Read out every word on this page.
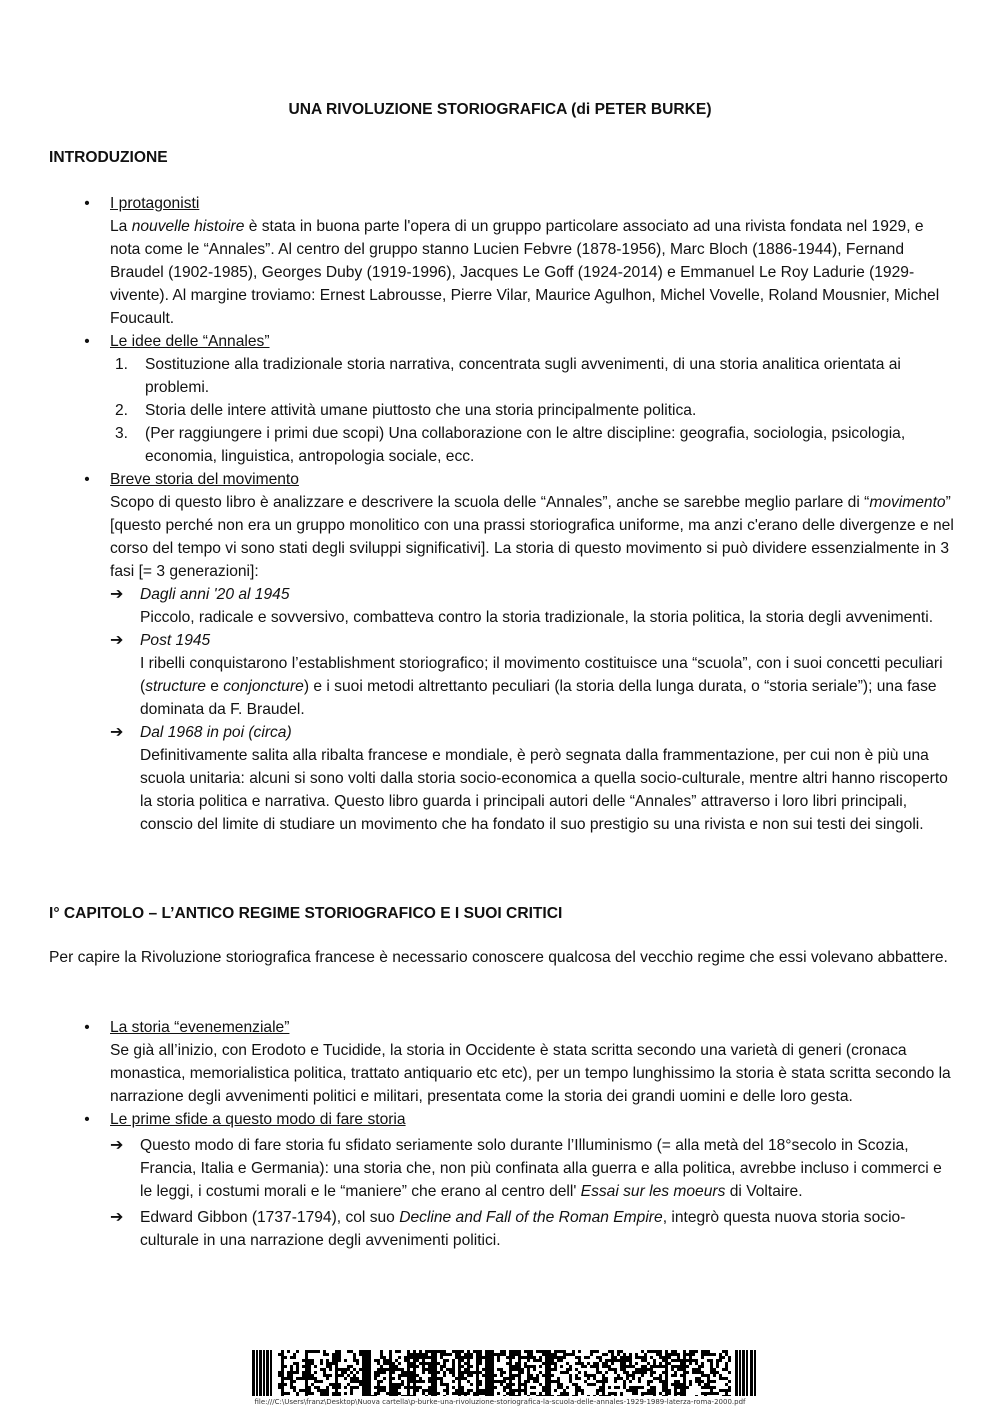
UNA RIVOLUZIONE STORIOGRAFICA (di PETER BURKE)
INTRODUZIONE
• I protagonisti

La nouvelle histoire è stata in buona parte l'opera di un gruppo particolare associato ad una rivista fondata nel 1929, e nota come le “Annales”. Al centro del gruppo stanno Lucien Febvre (1878-1956), Marc Bloch (1886-1944), Fernand Braudel (1902-1985), Georges Duby (1919-1996), Jacques Le Goff (1924-2014) e Emmanuel Le Roy Ladurie (1929-vivente). Al margine troviamo: Ernest Labrousse, Pierre Vilar, Maurice Agulhon, Michel Vovelle, Roland Mousnier, Michel Foucault.

• Le idee delle “Annales”

1. Sostituzione alla tradizionale storia narrativa, concentrata sugli avvenimenti, di una storia analitica orientata ai problemi.
2. Storia delle intere attività umane piuttosto che una storia principalmente politica.
3. (Per raggiungere i primi due scopi) Una collaborazione con le altre discipline: geografia, sociologia, psicologia, economia, linguistica, antropologia sociale, ecc.
• Breve storia del movimento

Scopo di questo libro è analizzare e descrivere la scuola delle “Annales”, anche se sarebbe meglio parlare di “movimento” [questo perché non era un gruppo monolitico con una prassi storiografica uniforme, ma anzi c'erano delle divergenze e nel corso del tempo vi sono stati degli sviluppi significativi]. La storia di questo movimento si può dividere essenzialmente in 3 fasi [= 3 generazioni]:

➔ Dagli anni '20 al 1945

Piccolo, radicale e sovversivo, combatteva contro la storia tradizionale, la storia politica, la storia degli avvenimenti.

➔ Post 1945

I ribelli conquistarono l’establishment storiografico; il movimento costituisce una “scuola”, con i suoi concetti peculiari (structure e conjoncture) e i suoi metodi altrettanto peculiari (la storia della lunga durata, o “storia seriale”); una fase dominata da F. Braudel.

➔ Dal 1968 in poi (circa)

Definitivamente salita alla ribalta francese e mondiale, è però segnata dalla frammentazione, per cui non è più una scuola unitaria: alcuni si sono volti dalla storia socio-economica a quella socio-culturale, mentre altri hanno riscoperto la storia politica e narrativa. Questo libro guarda i principali autori delle “Annales” attraverso i loro libri principali, conscio del limite di studiare un movimento che ha fondato il suo prestigio su una rivista e non sui testi dei singoli.

I° CAPITOLO – L’ANTICO REGIME STORIOGRAFICO E I SUOI CRITICI
Per capire la Rivoluzione storiografica francese è necessario conoscere qualcosa del vecchio regime che essi volevano abbattere.
• La storia “evenemenziale”

Se già all’inizio, con Erodoto e Tucidide, la storia in Occidente è stata scritta secondo una varietà di generi (cronaca monastica, memorialistica politica, trattato antiquario etc etc), per un tempo lunghissimo la storia è stata scritta secondo la narrazione degli avvenimenti politici e militari, presentata come la storia dei grandi uomini e delle loro gesta.

• Le prime sfide a questo modo di fare storia

➔ Questo modo di fare storia fu sfidato seriamente solo durante l’Illuminismo (= alla metà del 18°secolo in Scozia, Francia, Italia e Germania): una storia che, non più confinata alla guerra e alla politica, avrebbe incluso i commerci e le leggi, i costumi morali e le “maniere” che erano al centro dell' Essai sur les moeurs di Voltaire.

➔ Edward Gibbon (1737-1794), col suo Decline and Fall of the Roman Empire, integrò questa nuova storia socio-culturale in una narrazione degli avvenimenti politici.

file:///C:\Users\franz\Desktop\Nuova cartella\p-burke-una-rivoluzione-storiografica-la-scuola-delle-annales-1929-1989-laterza-roma-2000.pdf
